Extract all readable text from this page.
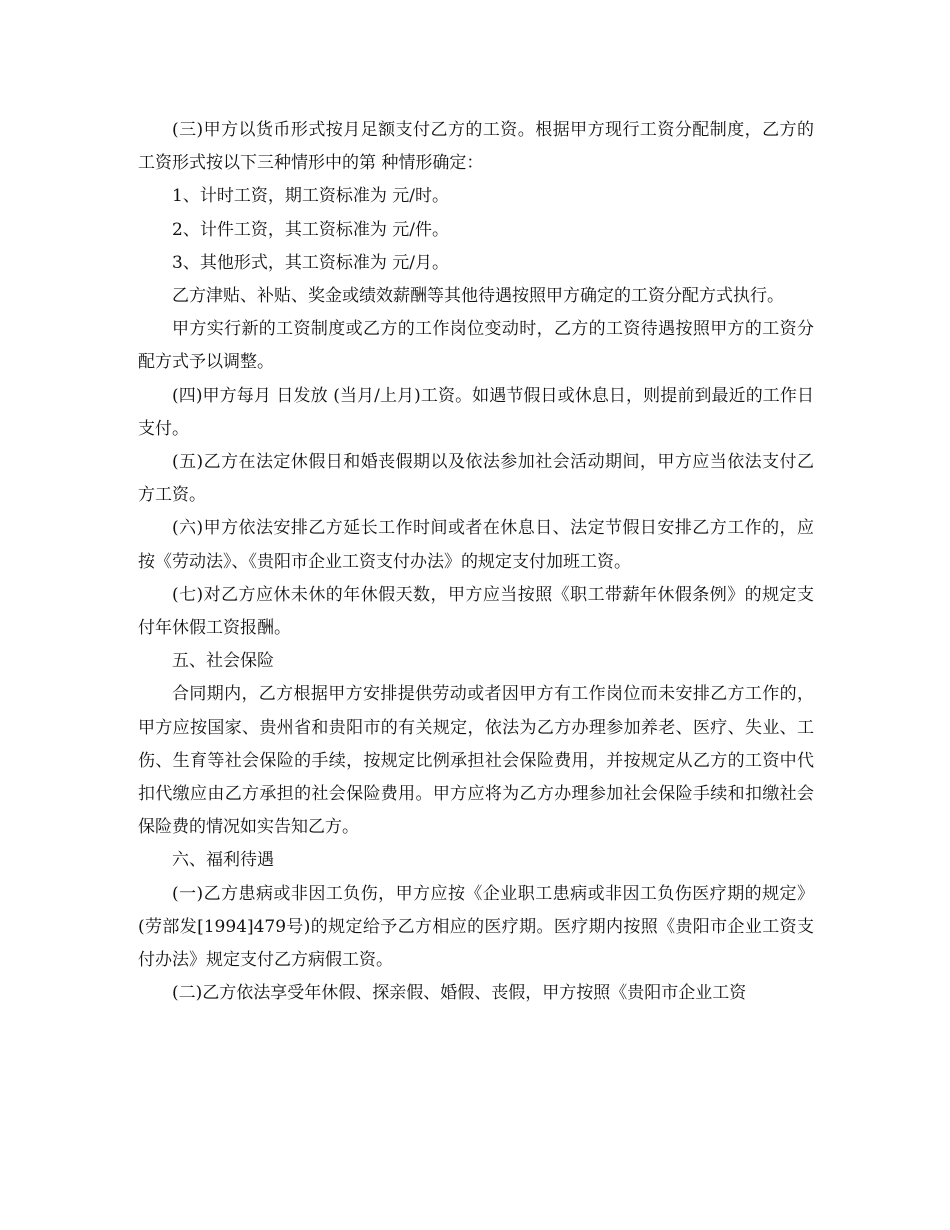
(三)甲方以货币形式按月足额支付乙方的工资。根据甲方现行工资分配制度，乙方的工资形式按以下三种情形中的第 种情形确定：

1、计时工资，期工资标准为 元/时。

2、计件工资，其工资标准为 元/件。

3、其他形式，其工资标准为 元/月。

乙方津贴、补贴、奖金或绩效薪酬等其他待遇按照甲方确定的工资分配方式执行。

甲方实行新的工资制度或乙方的工作岗位变动时，乙方的工资待遇按照甲方的工资分配方式予以调整。

(四)甲方每月 日发放 (当月/上月)工资。如遇节假日或休息日，则提前到最近的工作日支付。

(五)乙方在法定休假日和婚丧假期以及依法参加社会活动期间，甲方应当依法支付乙方工资。

(六)甲方依法安排乙方延长工作时间或者在休息日、法定节假日安排乙方工作的，应按《劳动法》、《贵阳市企业工资支付办法》的规定支付加班工资。

(七)对乙方应休未休的年休假天数，甲方应当按照《职工带薪年休假条例》的规定支付年休假工资报酬。

五、社会保险

合同期内，乙方根据甲方安排提供劳动或者因甲方有工作岗位而未安排乙方工作的，甲方应按国家、贵州省和贵阳市的有关规定，依法为乙方办理参加养老、医疗、失业、工伤、生育等社会保险的手续，按规定比例承担社会保险费用，并按规定从乙方的工资中代扣代缴应由乙方承担的社会保险费用。甲方应将为乙方办理参加社会保险手续和扣缴社会保险费的情况如实告知乙方。

六、福利待遇

(一)乙方患病或非因工负伤，甲方应按《企业职工患病或非因工负伤医疗期的规定》(劳部发[1994]479号)的规定给予乙方相应的医疗期。医疗期内按照《贵阳市企业工资支付办法》规定支付乙方病假工资。

(二)乙方依法享受年休假、探亲假、婚假、丧假，甲方按照《贵阳市企业工资
